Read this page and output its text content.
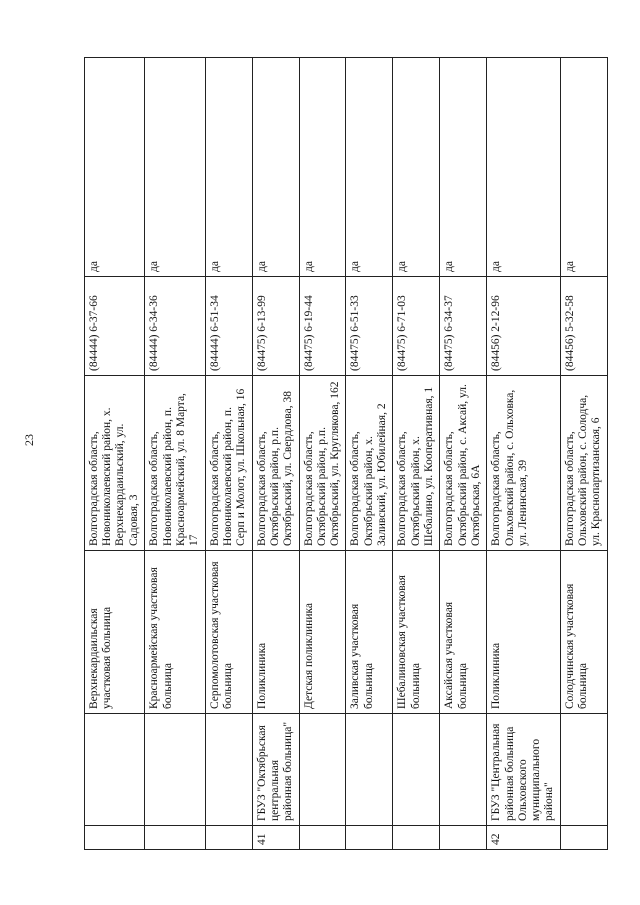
23
		Верхнекардаильская участковая больница	Волгоградская область, Новониколаевский район, х. Верхнекардаильский, ул. Садовая, 3	(84444) 6-37-66	да
		Красноармейская участковая больница	Волгоградская область, Новониколаевский район, п. Красноармейский, ул. 8 Марта, 17	(84444) 6-34-36	да
		Серпомолотовская участковая больница	Волгоградская область, Новониколаевский район, п. Серп и Молот, ул. Школьная, 16	(84444) 6-51-34	да
41	ГБУЗ "Октябрьская центральная районная больница"	Поликлиника	Волгоградская область, Октябрьский район, р.п. Октябрьский, ул. Свердлова, 38	(84475) 6-13-99	да
		Детская поликлиника	Волгоградская область, Октябрьский район, р.п. Октябрьский, ул. Круглякова, 162	(84475) 6-19-44	да
		Заливская участковая больница	Волгоградская область, Октябрьский район, х. Заливский, ул. Юбилейная, 2	(84475) 6-51-33	да
		Шебалиновская участковая больница	Волгоградская область, Октябрьский район, х. Шебалино, ул. Кооперативная, 1	(84475) 6-71-03	да
		Аксайская участковая больница	Волгоградская область, Октябрьский район, с. Аксай, ул. Октябрьская, 6А	(84475) 6-34-37	да
42	ГБУЗ "Центральная районная больница Ольховского муниципального района"	Поликлиника	Волгоградская область, Ольховский район, с. Ольховка, ул. Ленинская, 39	(84456) 2-12-96	да
		Солодчинская участковая больница	Волгоградская область, Ольховский район, с. Солодча, ул. Краснопартизанская, 6	(84456) 5-32-58	да
